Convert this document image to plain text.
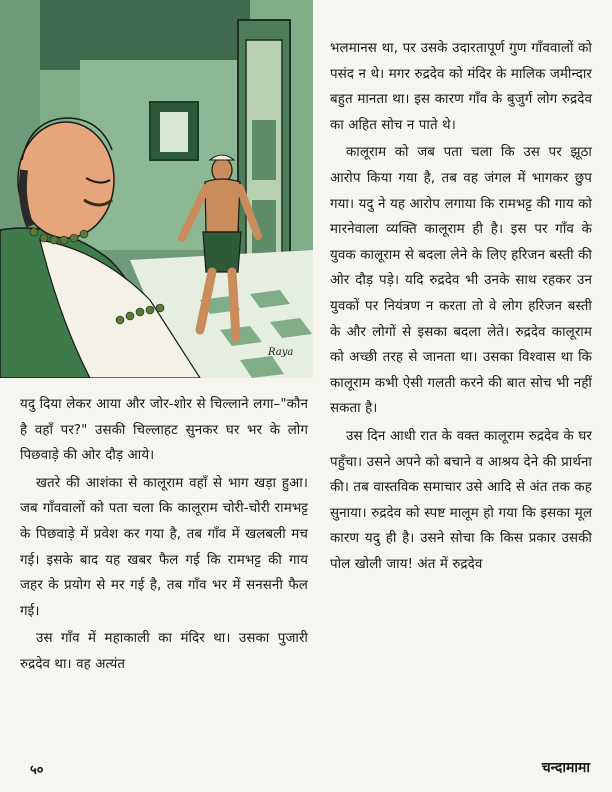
Raya

भलमानस था, पर उसके उदारतापूर्ण गुण गाँववालों को पसंद न थे। मगर रुद्रदेव को मंदिर के मालिक जमीन्दार बहुत मानता था। इस कारण गाँव के बुजुर्ग लोग रुद्रदेव का अहित सोच न पाते थे।

कालूराम को जब पता चला कि उस पर झूठा आरोप किया गया है, तब वह जंगल में भागकर छुप गया। यदु ने यह आरोप लगाया कि रामभट्ट की गाय को मारनेवाला व्यक्ति कालूराम ही है। इस पर गाँव के युवक कालूराम से बदला लेने के लिए हरिजन बस्ती की ओर दौड़ पड़े। यदि रुद्रदेव भी उनके साथ रहकर उन युवकों पर नियंत्रण न करता तो वे लोग हरिजन बस्ती के और लोगों से इसका बदला लेते। रुद्रदेव कालूराम को अच्छी तरह से जानता था। उसका विश्वास था कि कालूराम कभी ऐसी गलती करने की बात सोच भी नहीं सकता है।

उस दिन आधी रात के वक्त कालूराम रुद्रदेव के घर पहुँचा। उसने अपने को बचाने व आश्रय देने की प्रार्थना की। तब वास्तविक समाचार उसे आदि से अंत तक कह सुनाया। रुद्रदेव को स्पष्ट मालूम हो गया कि इसका मूल कारण यदु ही है। उसने सोचा कि किस प्रकार उसकी पोल खोली जाय! अंत में रुद्रदेव

यदु दिया लेकर आया और जोर-शोर से चिल्लाने लगा–"कौन है वहाँ पर?" उसकी चिल्लाहट सुनकर घर भर के लोग पिछवाड़े की ओर दौड़ आये।

खतरे की आशंका से कालूराम वहाँ से भाग खड़ा हुआ। जब गाँववालों को पता चला कि कालूराम चोरी-चोरी रामभट्ट के पिछवाड़े में प्रवेश कर गया है, तब गाँव में खलबली मच गई। इसके बाद यह खबर फैल गई कि रामभट्ट की गाय जहर के प्रयोग से मर गई है, तब गाँव भर में सनसनी फैल गई।

उस गाँव में महाकाली का मंदिर था। उसका पुजारी रुद्रदेव था। वह अत्यंत

५०	चन्दामामा
